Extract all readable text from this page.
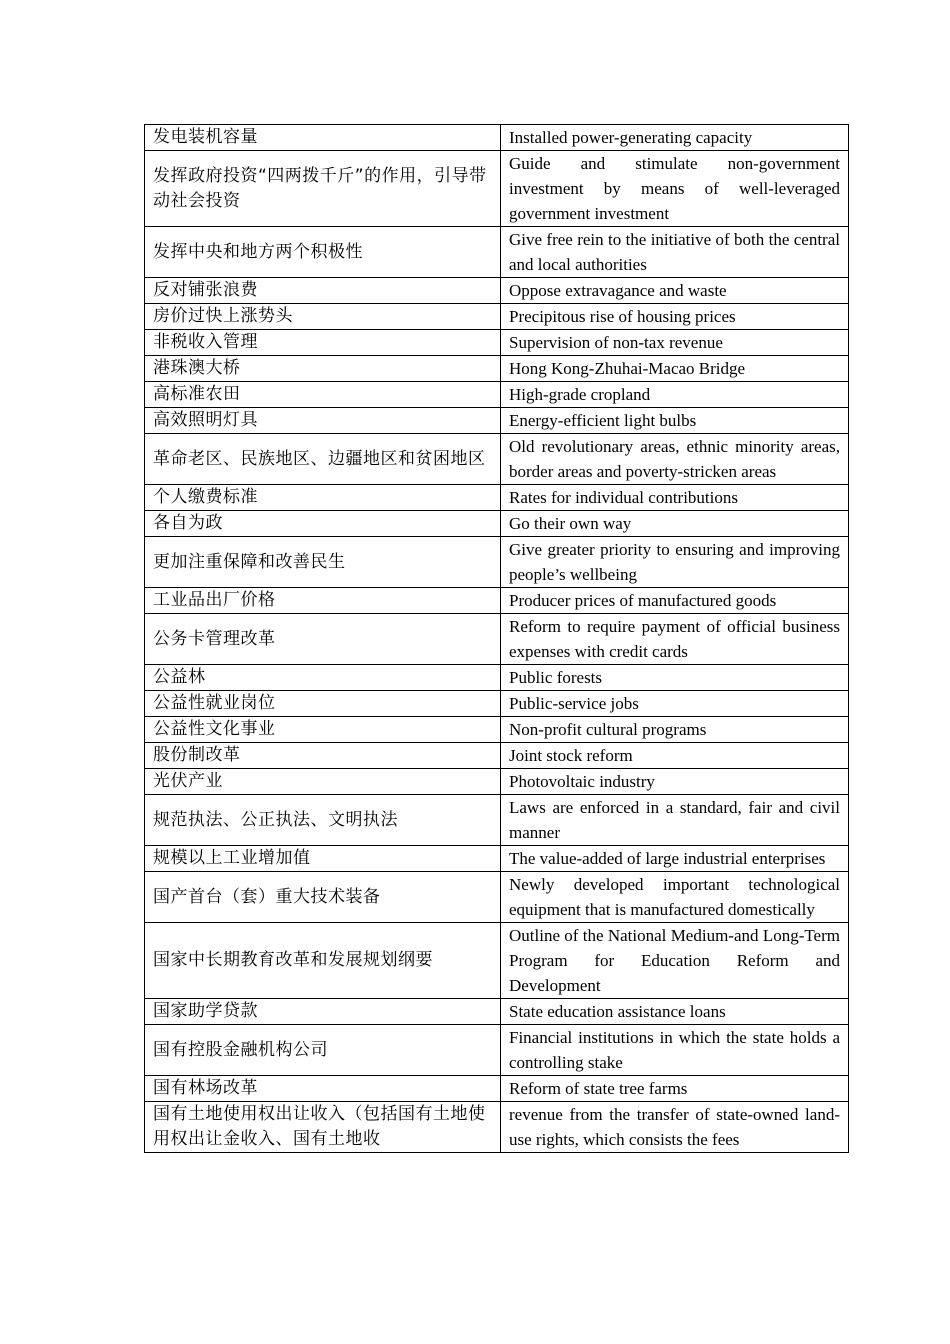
发电装机容量	Installed power-generating capacity
发挥政府投资“四两拨千斤”的作用，引导带动社会投资	Guide and stimulate non-government investment by means of well-leveraged government investment
发挥中央和地方两个积极性	Give free rein to the initiative of both the central and local authorities
反对铺张浪费	Oppose extravagance and waste
房价过快上涨势头	Precipitous rise of housing prices
非税收入管理	Supervision of non-tax revenue
港珠澳大桥	Hong Kong-Zhuhai-Macao Bridge
高标准农田	High-grade cropland
高效照明灯具	Energy-efficient light bulbs
革命老区、民族地区、边疆地区和贫困地区	Old revolutionary areas, ethnic minority areas, border areas and poverty-stricken areas
个人缴费标准	Rates for individual contributions
各自为政	Go their own way
更加注重保障和改善民生	Give greater priority to ensuring and improving people’s wellbeing
工业品出厂价格	Producer prices of manufactured goods
公务卡管理改革	Reform to require payment of official business expenses with credit cards
公益林	Public forests
公益性就业岗位	Public-service jobs
公益性文化事业	Non-profit cultural programs
股份制改革	Joint stock reform
光伏产业	Photovoltaic industry
规范执法、公正执法、文明执法	Laws are enforced in a standard, fair and civil manner
规模以上工业增加值	The value-added of large industrial enterprises
国产首台（套）重大技术装备	Newly developed important technological equipment that is manufactured domestically
国家中长期教育改革和发展规划纲要	Outline of the National Medium-and Long-Term Program for Education Reform and Development
国家助学贷款	State education assistance loans
国有控股金融机构公司	Financial institutions in which the state holds a controlling stake
国有林场改革	Reform of state tree farms
国有土地使用权出让收入（包括国有土地使用权出让金收入、国有土地收	revenue from the transfer of state-owned land-use rights, which consists the fees
